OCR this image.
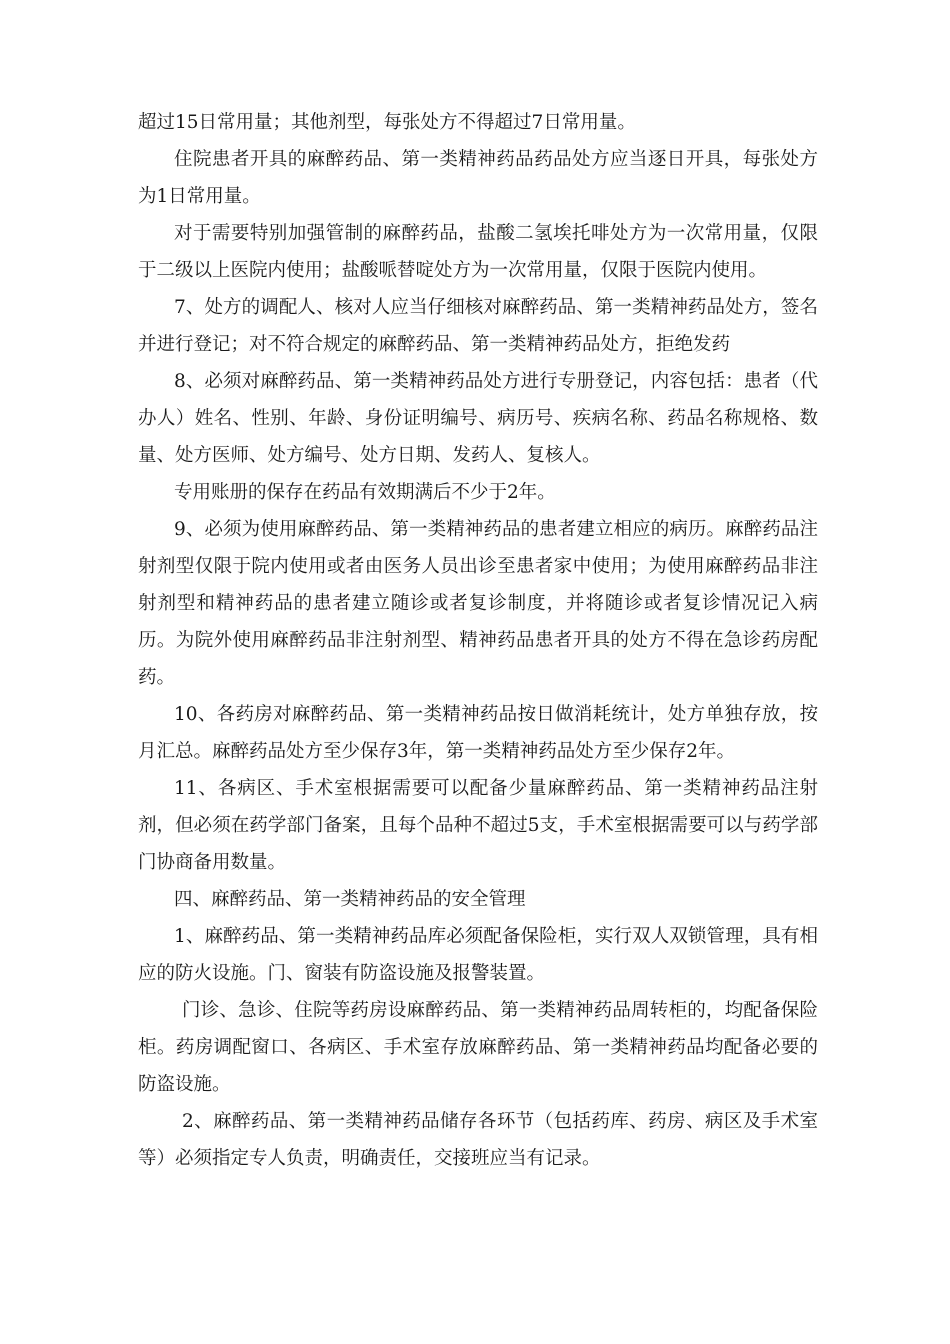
超过15日常用量；其他剂型，每张处方不得超过7日常用量。

住院患者开具的麻醉药品、第一类精神药品药品处方应当逐日开具，每张处方为1日常用量。

对于需要特别加强管制的麻醉药品，盐酸二氢埃托啡处方为一次常用量，仅限于二级以上医院内使用；盐酸哌替啶处方为一次常用量，仅限于医院内使用。

7、处方的调配人、核对人应当仔细核对麻醉药品、第一类精神药品处方，签名并进行登记；对不符合规定的麻醉药品、第一类精神药品处方，拒绝发药

8、必须对麻醉药品、第一类精神药品处方进行专册登记，内容包括：患者（代办人）姓名、性别、年龄、身份证明编号、病历号、疾病名称、药品名称规格、数量、处方医师、处方编号、处方日期、发药人、复核人。

专用账册的保存在药品有效期满后不少于2年。

9、必须为使用麻醉药品、第一类精神药品的患者建立相应的病历。麻醉药品注射剂型仅限于院内使用或者由医务人员出诊至患者家中使用；为使用麻醉药品非注射剂型和精神药品的患者建立随诊或者复诊制度，并将随诊或者复诊情况记入病历。为院外使用麻醉药品非注射剂型、精神药品患者开具的处方不得在急诊药房配药。

10、各药房对麻醉药品、第一类精神药品按日做消耗统计，处方单独存放，按月汇总。麻醉药品处方至少保存3年，第一类精神药品处方至少保存2年。

11、各病区、手术室根据需要可以配备少量麻醉药品、第一类精神药品注射剂，但必须在药学部门备案，且每个品种不超过5支，手术室根据需要可以与药学部门协商备用数量。

四、麻醉药品、第一类精神药品的安全管理

1、麻醉药品、第一类精神药品库必须配备保险柜，实行双人双锁管理，具有相应的防火设施。门、窗装有防盗设施及报警装置。

门诊、急诊、住院等药房设麻醉药品、第一类精神药品周转柜的，均配备保险柜。药房调配窗口、各病区、手术室存放麻醉药品、第一类精神药品均配备必要的防盗设施。

2、麻醉药品、第一类精神药品储存各环节（包括药库、药房、病区及手术室等）必须指定专人负责，明确责任，交接班应当有记录。
